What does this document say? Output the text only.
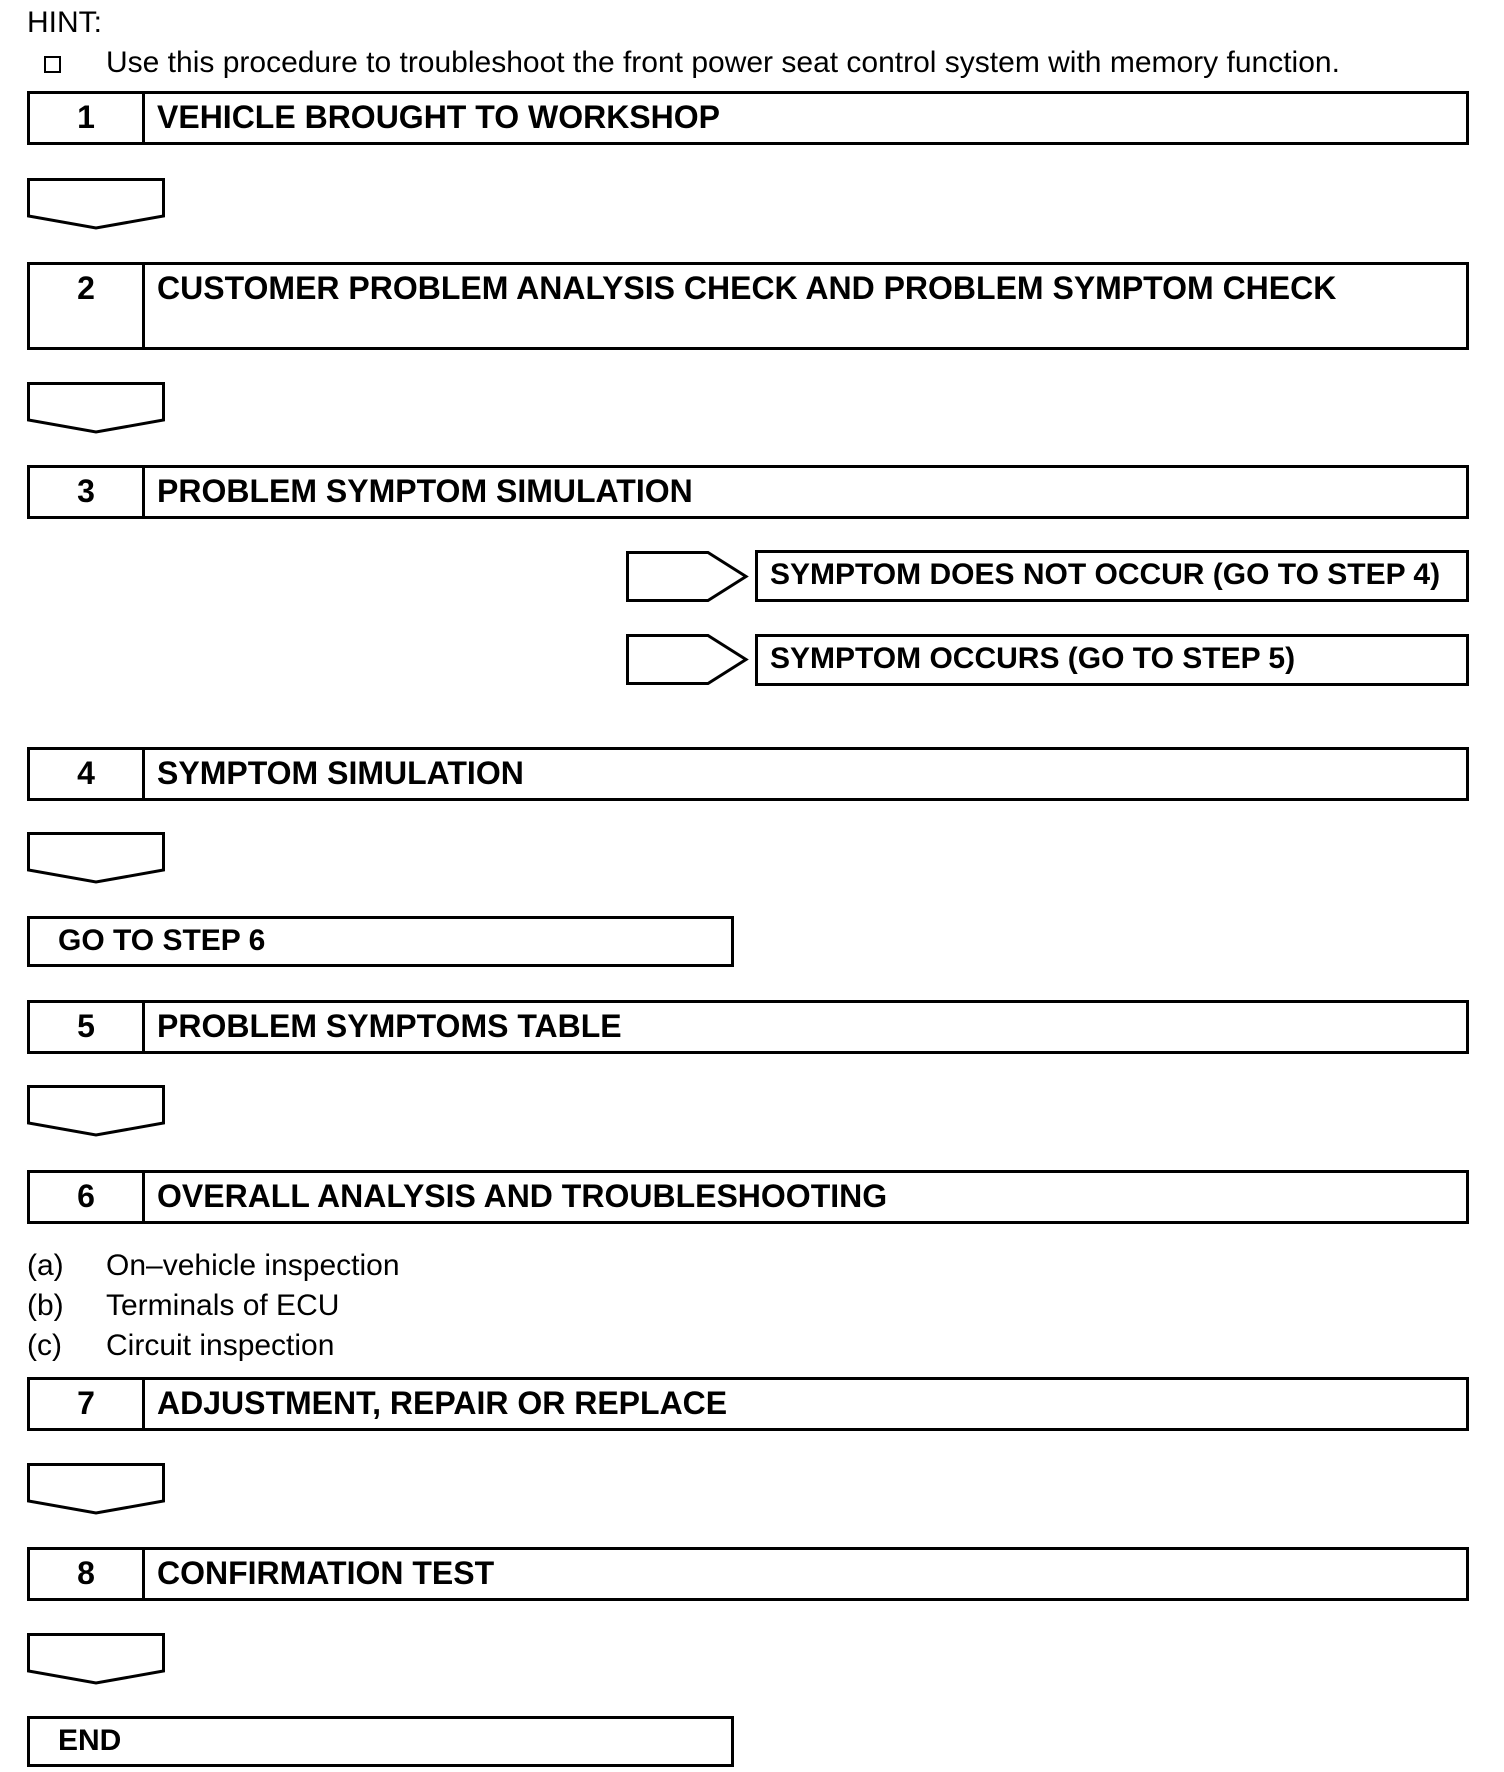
HINT:
Use this procedure to troubleshoot the front power seat control system with memory function.
1	VEHICLE BROUGHT TO WORKSHOP
2	CUSTOMER PROBLEM ANALYSIS CHECK AND PROBLEM SYMPTOM CHECK
3	PROBLEM SYMPTOM SIMULATION
SYMPTOM DOES NOT OCCUR (GO TO STEP 4)
SYMPTOM OCCURS (GO TO STEP 5)
4	SYMPTOM SIMULATION
GO TO STEP 6
5	PROBLEM SYMPTOMS TABLE
6	OVERALL ANALYSIS AND TROUBLESHOOTING
(a) On–vehicle inspection
(b) Terminals of ECU
(c) Circuit inspection
7	ADJUSTMENT, REPAIR OR REPLACE
8	CONFIRMATION TEST
END
